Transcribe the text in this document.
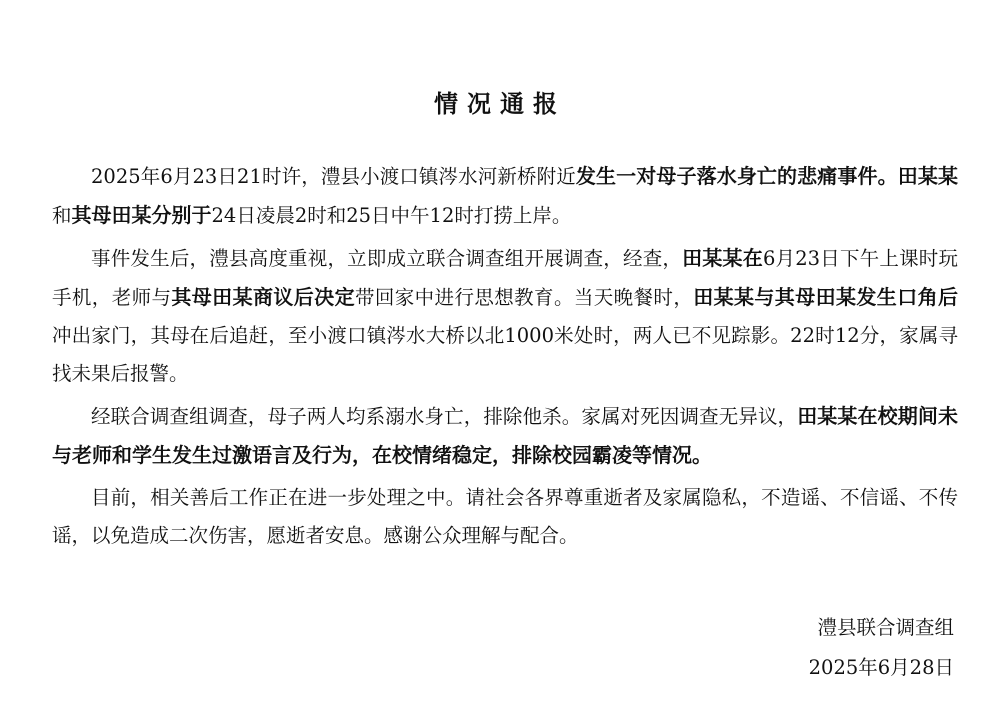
情况通报

2025年6月23日21时许，澧县小渡口镇涔水河新桥附近发生一对母子落水身亡的悲痛事件。田某某和其母田某分别于24日凌晨2时和25日中午12时打捞上岸。

事件发生后，澧县高度重视，立即成立联合调查组开展调查，经查，田某某在6月23日下午上课时玩手机，老师与其母田某商议后决定带回家中进行思想教育。当天晚餐时，田某某与其母田某发生口角后冲出家门，其母在后追赶，至小渡口镇涔水大桥以北1000米处时，两人已不见踪影。22时12分，家属寻找未果后报警。

经联合调查组调查，母子两人均系溺水身亡，排除他杀。家属对死因调查无异议，田某某在校期间未与老师和学生发生过激语言及行为，在校情绪稳定，排除校园霸凌等情况。

目前，相关善后工作正在进一步处理之中。请社会各界尊重逝者及家属隐私，不造谣、不信谣、不传谣，以免造成二次伤害，愿逝者安息。感谢公众理解与配合。

澧县联合调查组
2025年6月28日
